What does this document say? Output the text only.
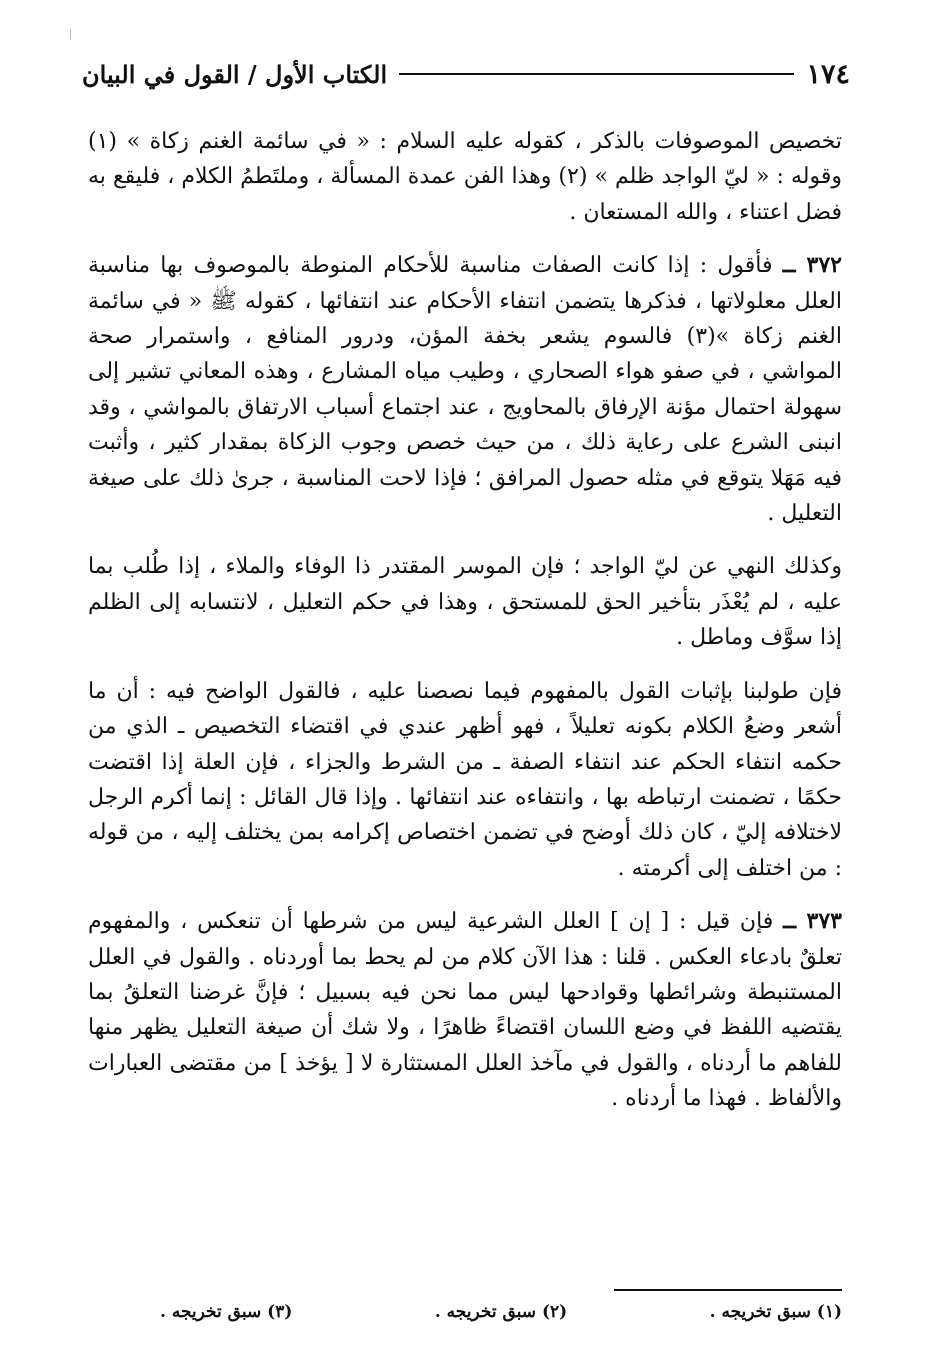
١٧٤
الكتاب الأول / القول في البيان

تخصيص الموصوفات بالذكر ، كقوله عليه السلام : « في سائمة الغنم زكاة » (١) وقوله : « ليّ الواجد ظلم » (٢) وهذا الفن عمدة المسألة ، وملتَطمُ الكلام ، فليقع به فضل اعتناء ، والله المستعان .

٣٧٢ ــ فأقول : إذا كانت الصفات مناسبة للأحكام المنوطة بالموصوف بها مناسبة العلل معلولاتها ، فذكرها يتضمن انتفاء الأحكام عند انتفائها ، كقوله ﷺ « في سائمة الغنم زكاة »(٣) فالسوم يشعر بخفة المؤن، ودرور المنافع ، واستمرار صحة المواشي ، في صفو هواء الصحاري ، وطيب مياه المشارع ، وهذه المعاني تشير إلى سهولة احتمال مؤنة الإرفاق بالمحاويج ، عند اجتماع أسباب الارتفاق بالمواشي ، وقد انبنى الشرع على رعاية ذلك ، من حيث خصص وجوب الزكاة بمقدار كثير ، وأثبت فيه مَهَلا يتوقع في مثله حصول المرافق ؛ فإذا لاحت المناسبة ، جرىٰ ذلك على صيغة التعليل .

وكذلك النهي عن ليّ الواجد ؛ فإن الموسر المقتدر ذا الوفاء والملاء ، إذا طُلب بما عليه ، لم يُعْذَر بتأخير الحق للمستحق ، وهذا في حكم التعليل ، لانتسابه إلى الظلم إذا سوَّف وماطل .

فإن طولبنا بإثبات القول بالمفهوم فيما نصصنا عليه ، فالقول الواضح فيه : أن ما أشعر وضعُ الكلام بكونه تعليلاً ، فهو أظهر عندي في اقتضاء التخصيص ـ الذي من حكمه انتفاء الحكم عند انتفاء الصفة ـ من الشرط والجزاء ، فإن العلة إذا اقتضت حكمًا ، تضمنت ارتباطه بها ، وانتفاءه عند انتفائها . وإذا قال القائل : إنما أكرم الرجل لاختلافه إليّ ، كان ذلك أوضح في تضمن اختصاص إكرامه بمن يختلف إليه ، من قوله : من اختلف إلى أكرمته .

٣٧٣ ــ فإن قيل : [ إن ] العلل الشرعية ليس من شرطها أن تنعكس ، والمفهوم تعلقٌ بادعاء العكس . قلنا : هذا الآن كلام من لم يحط بما أوردناه . والقول في العلل المستنبطة وشرائطها وقوادحها ليس مما نحن فيه بسبيل ؛ فإنَّ غرضنا التعلقُ بما يقتضيه اللفظ في وضع اللسان اقتضاءً ظاهرًا ، ولا شك أن صيغة التعليل يظهر منها للفاهم ما أردناه ، والقول في مآخذ العلل المستثارة لا [ يؤخذ ] من مقتضى العبارات والألفاظ . فهذا ما أردناه .

(١) سبق تخريجه .
(٢) سبق تخريجه .
(٣) سبق تخريجه .
